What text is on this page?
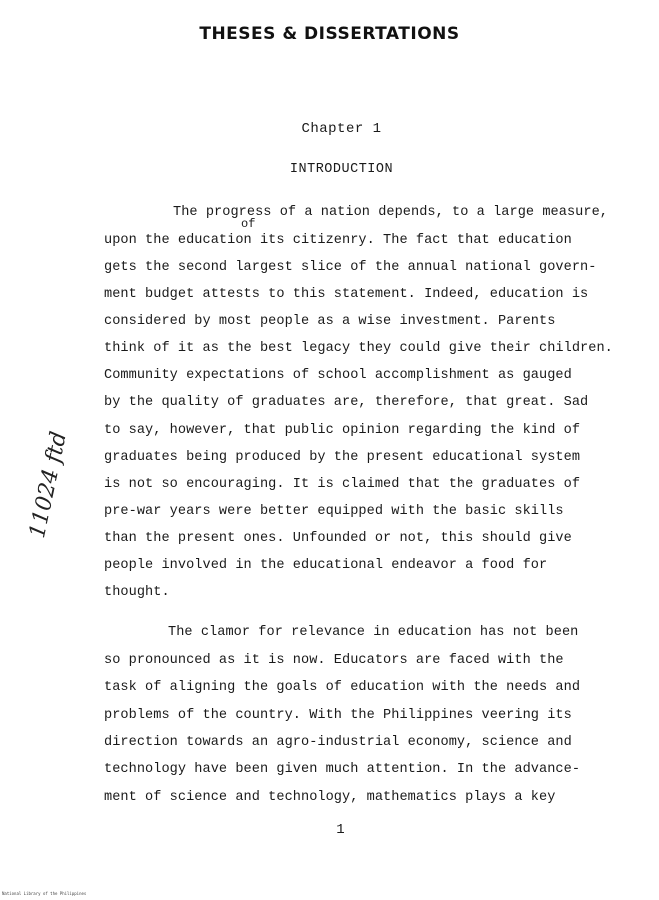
THESES & DISSERTATIONS
Chapter 1
INTRODUCTION
of
The progress of a nation depends, to a large measure,
upon the education its citizenry. The fact that education
gets the second largest slice of the annual national govern-
ment budget attests to this statement. Indeed, education is
considered by most people as a wise investment. Parents
think of it as the best legacy they could give their children.
Community expectations of school accomplishment as gauged
by the quality of graduates are, therefore, that great. Sad
to say, however, that public opinion regarding the kind of
graduates being produced by the present educational system
is not so encouraging. It is claimed that the graduates of
pre-war years were better equipped with the basic skills
than the present ones. Unfounded or not, this should give
people involved in the educational endeavor a food for
thought.
The clamor for relevance in education has not been
so pronounced as it is now. Educators are faced with the
task of aligning the goals of education with the needs and
problems of the country. With the Philippines veering its
direction towards an agro-industrial economy, science and
technology have been given much attention. In the advance-
ment of science and technology, mathematics plays a key
1
11024 ftd
National Library of the Philippines
